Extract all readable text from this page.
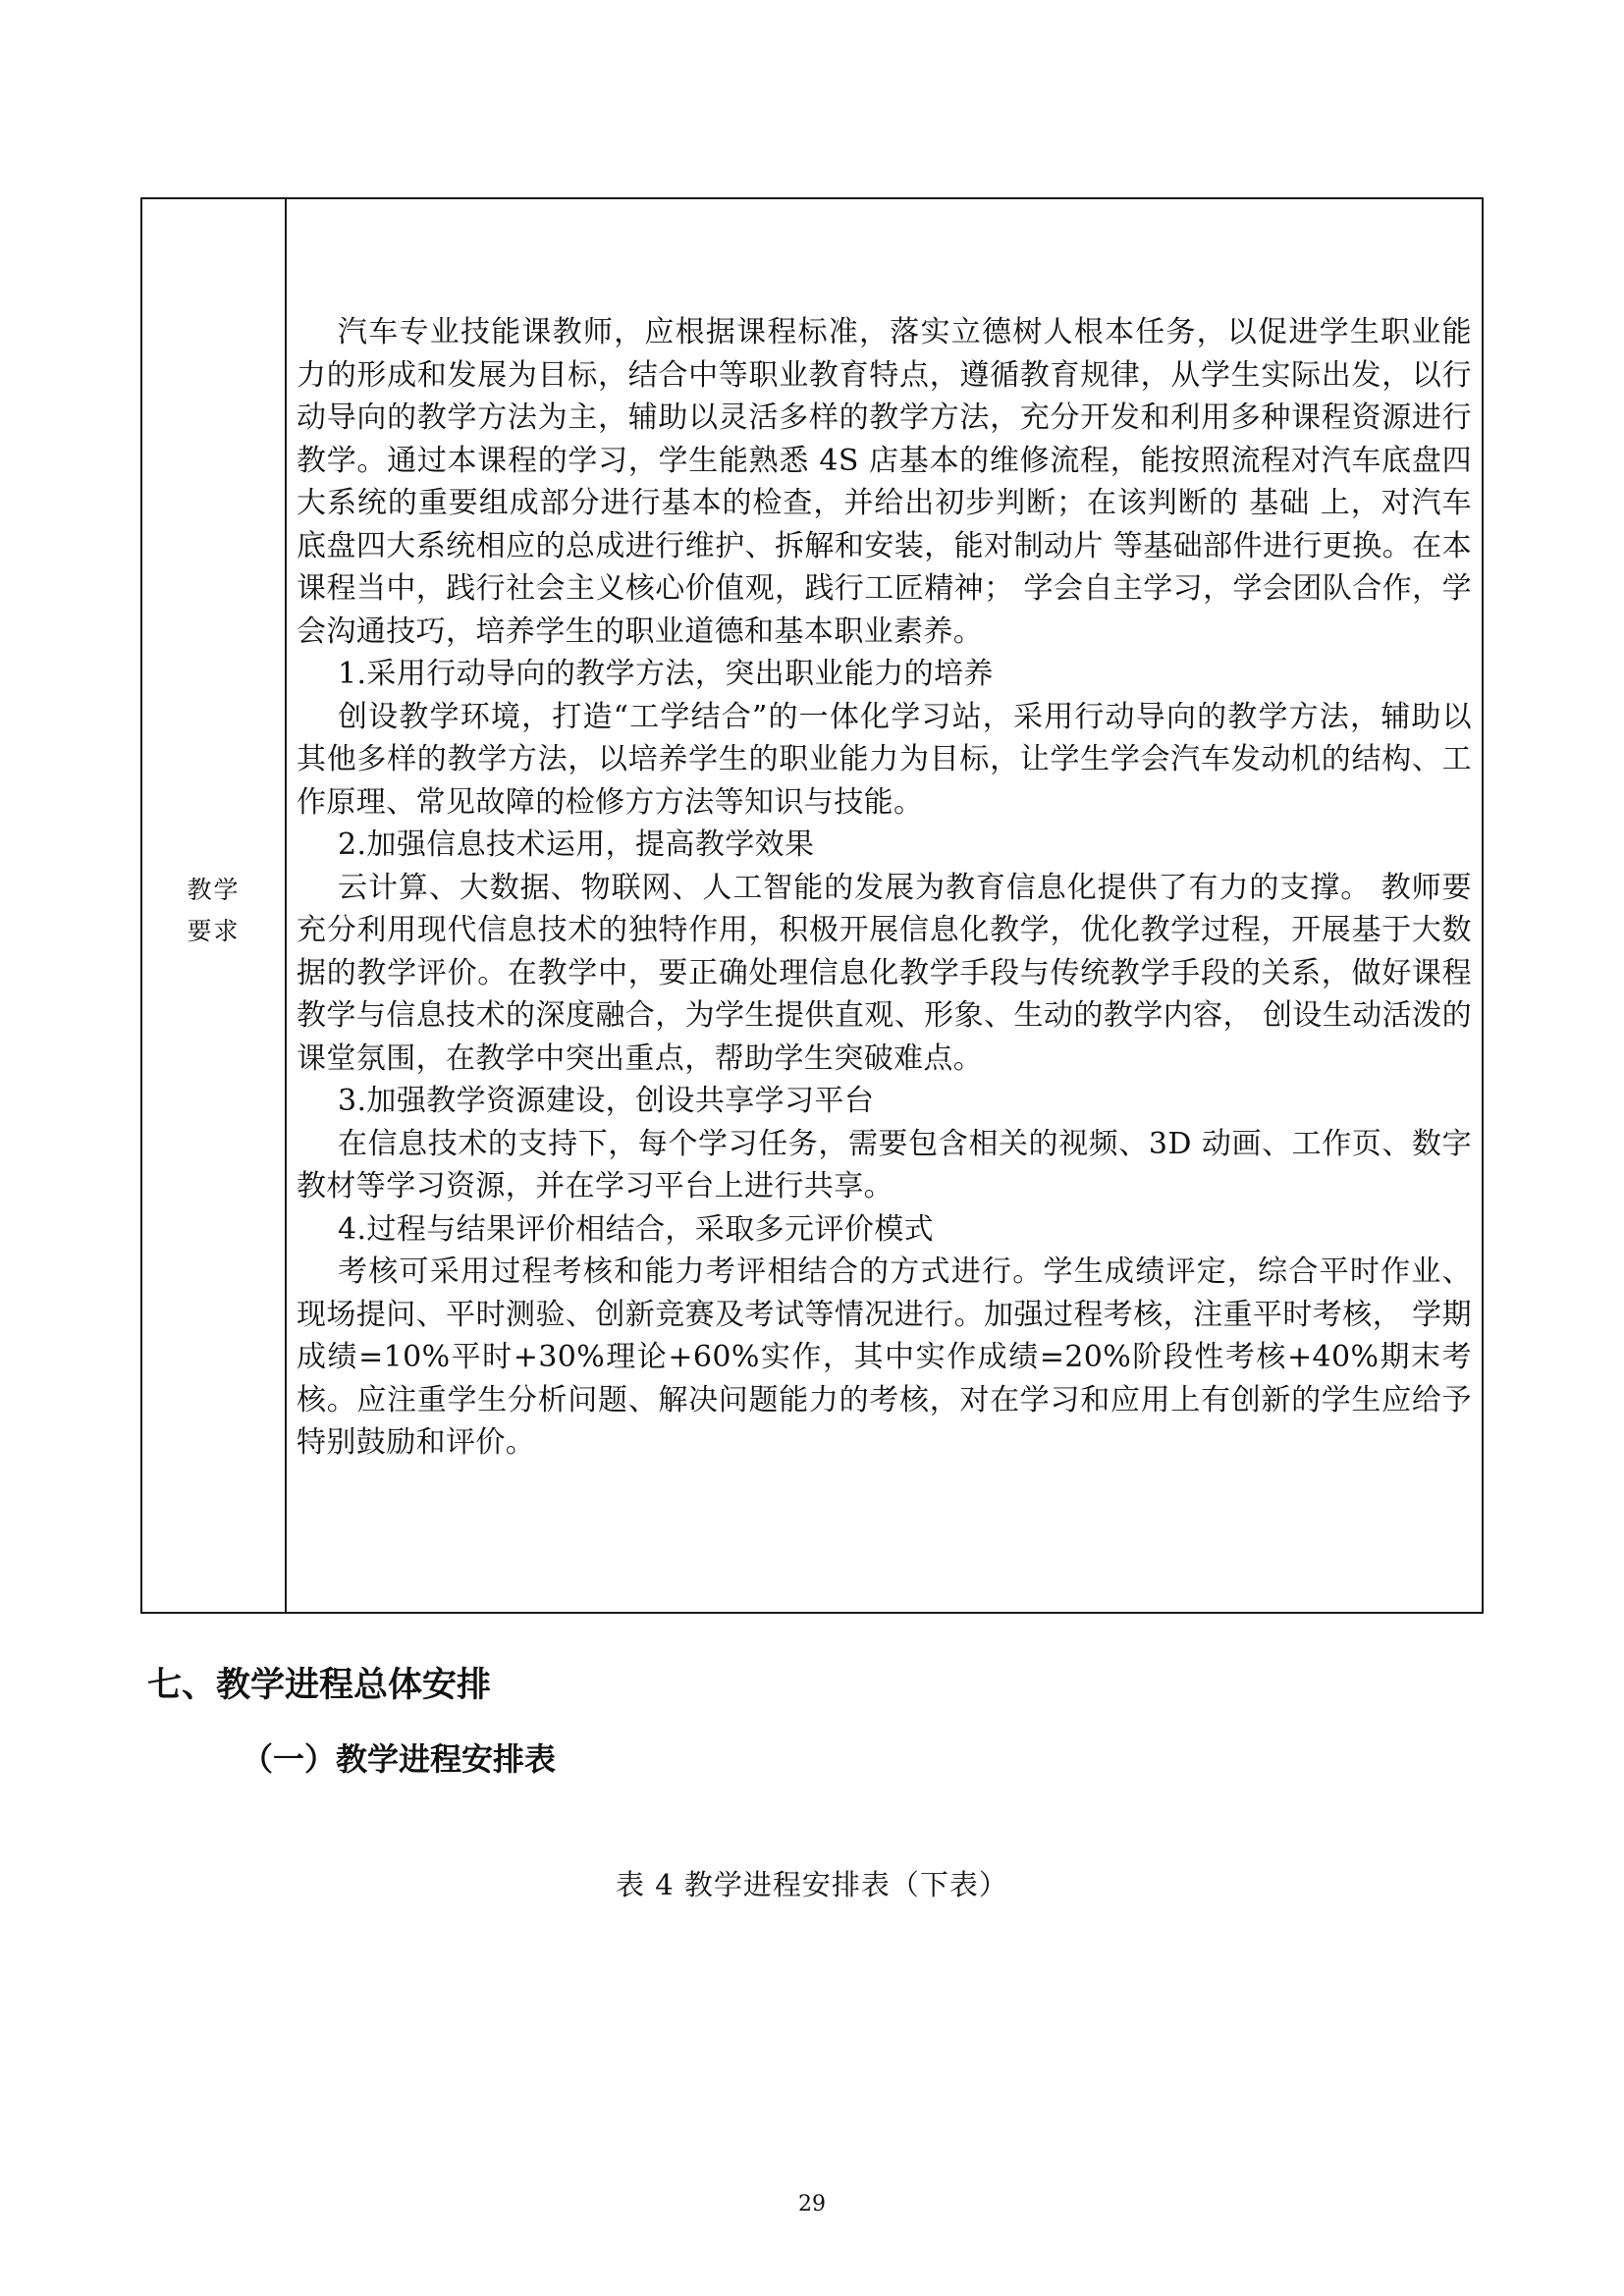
教学
要求

汽车专业技能课教师，应根据课程标准，落实立德树人根本任务，以促进学生职业能力的形成和发展为目标，结合中等职业教育特点，遵循教育规律，从学生实际出发，以行动导向的教学方法为主，辅助以灵活多样的教学方法，充分开发和利用多种课程资源进行教学。通过本课程的学习，学生能熟悉 4S 店基本的维修流程，能按照流程对汽车底盘四大系统的重要组成部分进行基本的检查，并给出初步判断；在该判断的 基础 上，对汽车底盘四大系统相应的总成进行维护、拆解和安装，能对制动片 等基础部件进行更换。在本课程当中，践行社会主义核心价值观，践行工匠精神； 学会自主学习，学会团队合作，学会沟通技巧，培养学生的职业道德和基本职业素养。

1.采用行动导向的教学方法，突出职业能力的培养

创设教学环境，打造“工学结合”的一体化学习站，采用行动导向的教学方法，辅助以其他多样的教学方法，以培养学生的职业能力为目标，让学生学会汽车发动机的结构、工作原理、常见故障的检修方方法等知识与技能。

2.加强信息技术运用，提高教学效果

云计算、大数据、物联网、人工智能的发展为教育信息化提供了有力的支撑。 教师要充分利用现代信息技术的独特作用，积极开展信息化教学，优化教学过程，开展基于大数据的教学评价。在教学中，要正确处理信息化教学手段与传统教学手段的关系，做好课程教学与信息技术的深度融合，为学生提供直观、形象、生动的教学内容， 创设生动活泼的课堂氛围，在教学中突出重点，帮助学生突破难点。

3.加强教学资源建设，创设共享学习平台

在信息技术的支持下，每个学习任务，需要包含相关的视频、3D 动画、工作页、数字教材等学习资源，并在学习平台上进行共享。

4.过程与结果评价相结合，采取多元评价模式

考核可采用过程考核和能力考评相结合的方式进行。学生成绩评定，综合平时作业、现场提问、平时测验、创新竞赛及考试等情况进行。加强过程考核，注重平时考核， 学期成绩=10%平时+30%理论+60%实作，其中实作成绩=20%阶段性考核+40%期末考核。应注重学生分析问题、解决问题能力的考核，对在学习和应用上有创新的学生应给予特别鼓励和评价。

七、教学进程总体安排
（一）教学进程安排表
表 4 教学进程安排表（下表）
29
